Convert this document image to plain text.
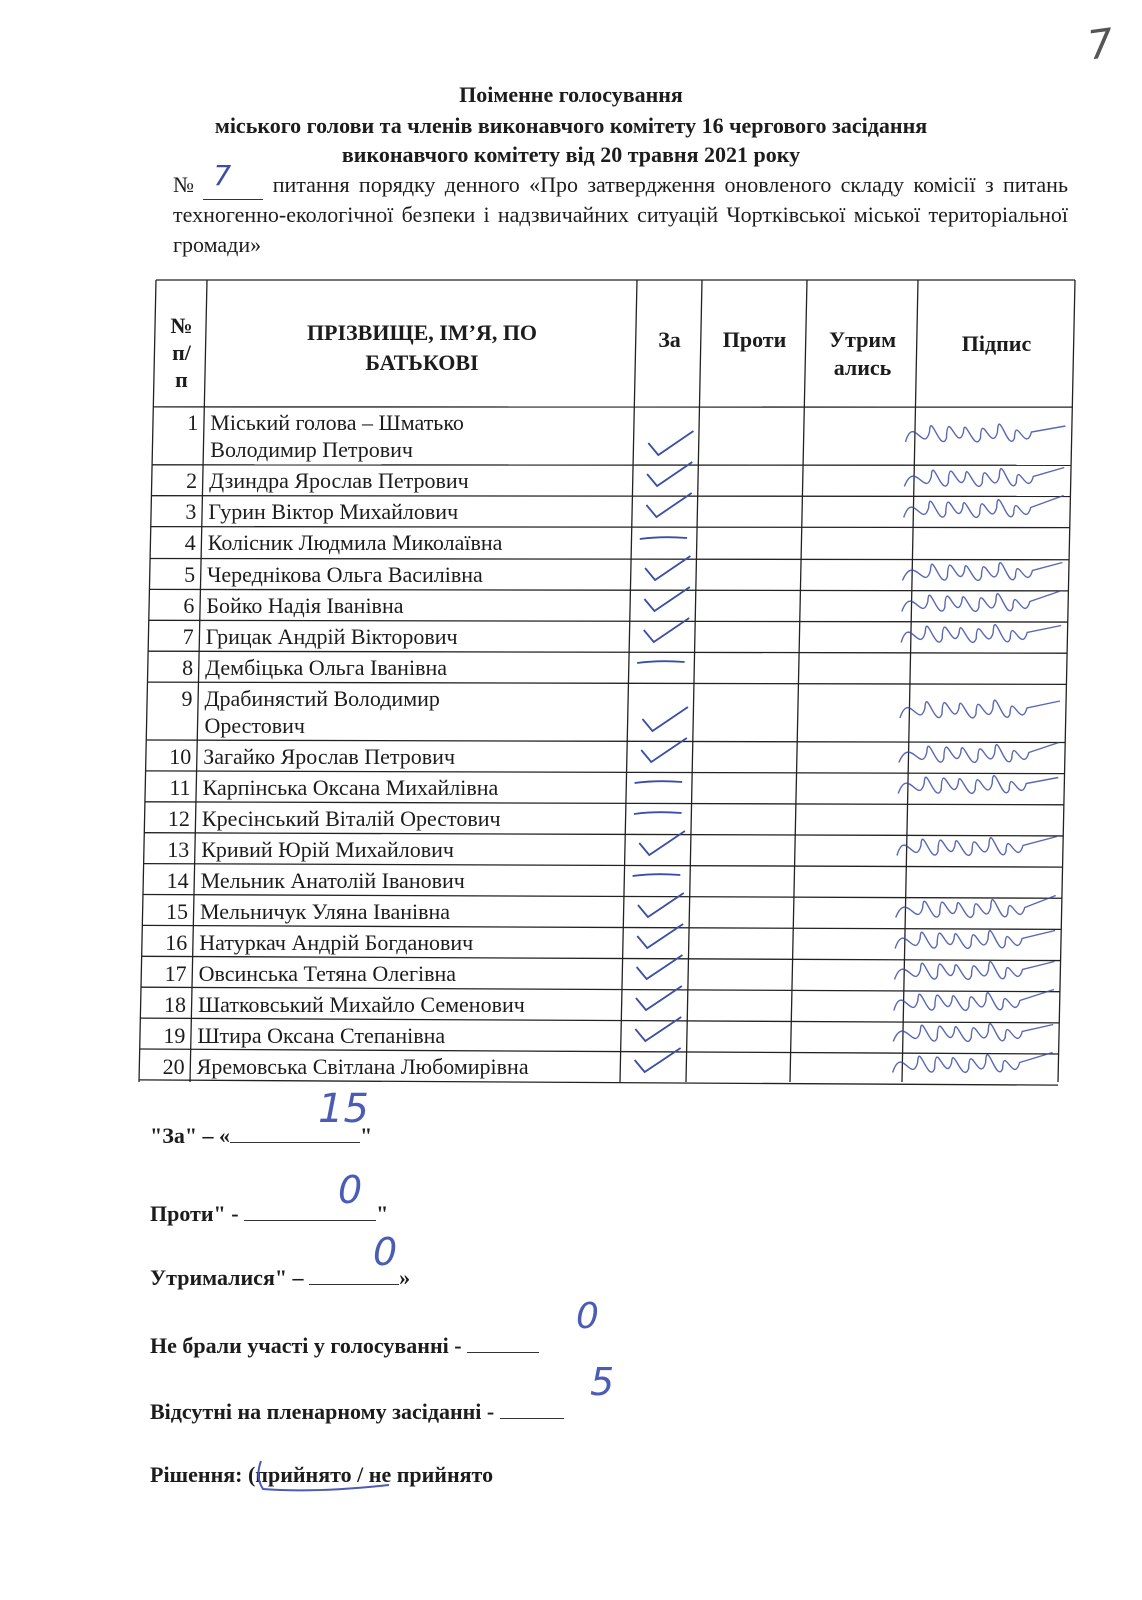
7
Поіменне голосування
міського голови та членів виконавчого комітету 16 чергового засідання
виконавчого комітету від 20 травня 2021 року
№ 7 питання порядку денного «Про затвердження оновленого складу комісії з питань техногенно-екологічної безпеки і надзвичайних ситуацій Чортківської міської територіальної громади»
№
п/
п
ПРІЗВИЩЕ, ІМ’Я, ПО
БАТЬКОВІ
За	Проти	Утрим
ались
Підпис
1 Міський голова – Шматько
Володимир Петрович
2 Дзиндра Ярослав Петрович
3 Гурин Віктор Михайлович
4 Колісник Людмила Миколаївна
5 Череднікова Ольга Василівна
6 Бойко Надія Іванівна
7 Грицак Андрій Вікторович
8 Дембіцька Ольга Іванівна
9 Драбинястий Володимир
Орестович
10 Загайко Ярослав Петрович
11 Карпінська Оксана Михайлівна
12 Кресінський Віталій Орестович
13 Кривий Юрій Михайлович
14 Мельник Анатолій Іванович
15 Мельничук Уляна Іванівна
16 Натуркач Андрій Богданович
17 Овсинська Тетяна Олегівна
18 Шатковський Михайло Семенович
19 Штира Оксана Степанівна
20 Яремовська Світлана Любомирівна
"За" – «	"
15
Проти" -	"
0
Утрималися" –	»
0
Не брали участі у голосуванні -
0
Відсутні на пленарному засіданні -
5
Рішення: (прийнято / не прийнято
